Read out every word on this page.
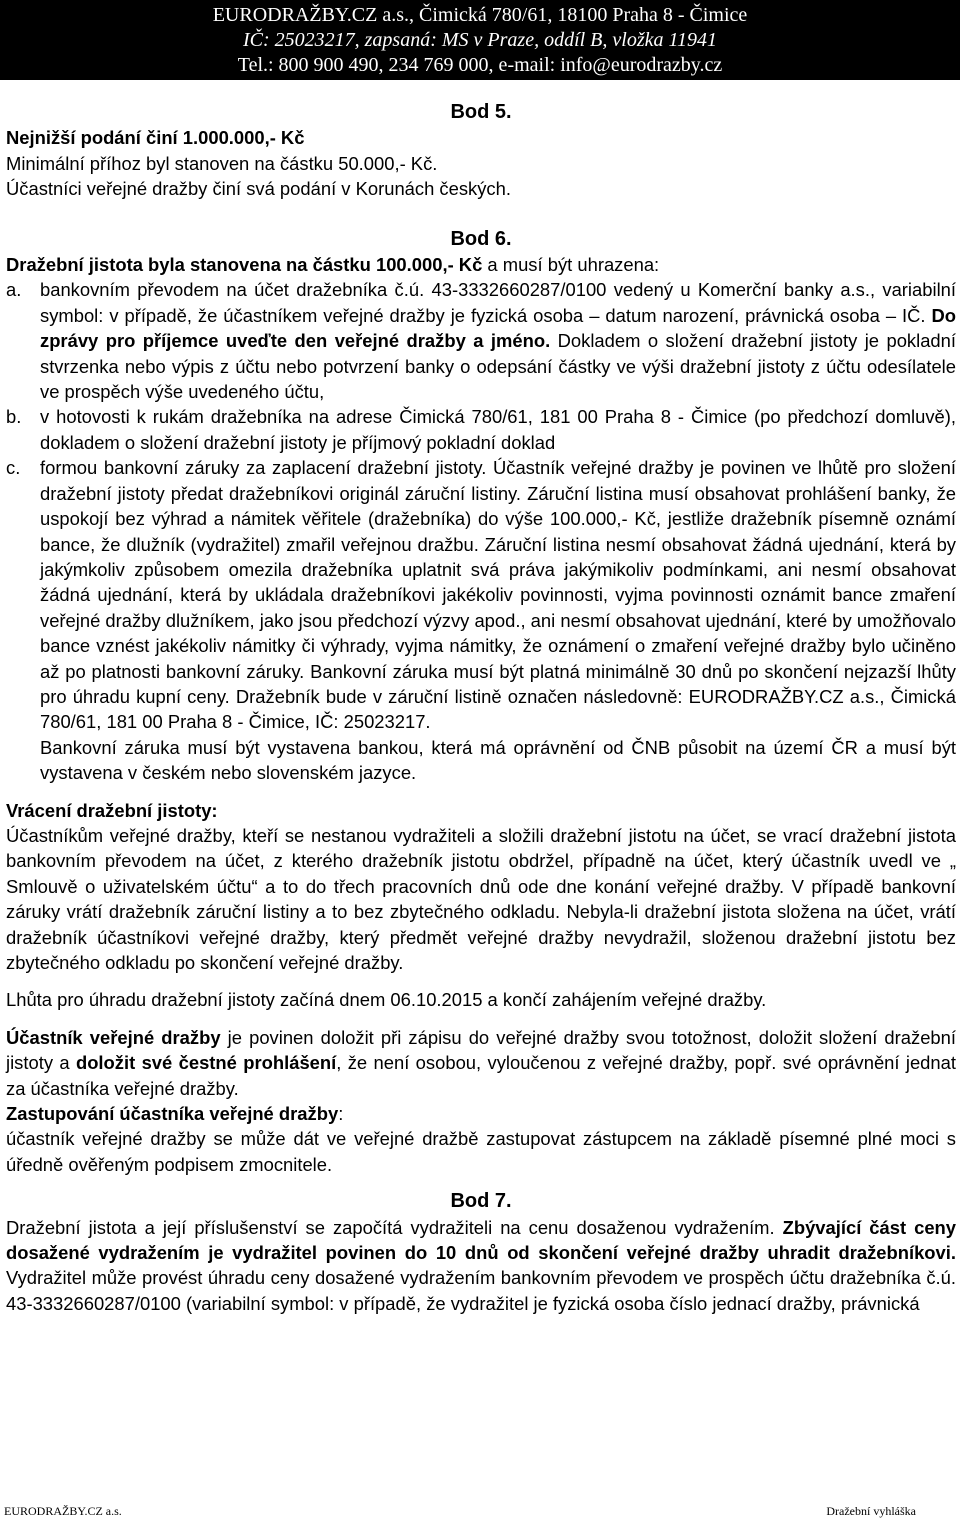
EURODRAŽBY.CZ a.s., Čimická 780/61, 18100 Praha 8 - Čimice
IČ: 25023217, zapsaná: MS v Praze, oddíl B, vložka 11941
Tel.: 800 900 490, 234 769 000, e-mail: info@eurodrazby.cz

Bod 5.

Nejnižší podání činí 1.000.000,- Kč

Minimální příhoz byl stanoven na částku 50.000,- Kč.

Účastníci veřejné dražby činí svá podání v Korunách českých.

Bod 6.

Dražební jistota byla stanovena na částku 100.000,- Kč a musí být uhrazena:

a. bankovním převodem na účet dražebníka č.ú. 43-3332660287/0100 vedený u Komerční banky a.s., variabilní symbol: v případě, že účastníkem veřejné dražby je fyzická osoba – datum narození, právnická osoba – IČ. Do zprávy pro příjemce uveďte den veřejné dražby a jméno. Dokladem o složení dražební jistoty je pokladní stvrzenka nebo výpis z účtu nebo potvrzení banky o odepsání částky ve výši dražební jistoty z účtu odesílatele ve prospěch výše uvedeného účtu,
b. v hotovosti k rukám dražebníka na adrese Čimická 780/61, 181 00 Praha 8 - Čimice (po předchozí domluvě), dokladem o složení dražební jistoty je příjmový pokladní doklad
c. formou bankovní záruky za zaplacení dražební jistoty. Účastník veřejné dražby je povinen ve lhůtě pro složení dražební jistoty předat dražebníkovi originál záruční listiny. Záruční listina musí obsahovat prohlášení banky, že uspokojí bez výhrad a námitek věřitele (dražebníka) do výše 100.000,- Kč, jestliže dražebník písemně oznámí bance, že dlužník (vydražitel) zmařil veřejnou dražbu. Záruční listina nesmí obsahovat žádná ujednání, která by jakýmkoliv způsobem omezila dražebníka uplatnit svá práva jakýmikoliv podmínkami, ani nesmí obsahovat žádná ujednání, která by ukládala dražebníkovi jakékoliv povinnosti, vyjma povinnosti oznámit bance zmaření veřejné dražby dlužníkem, jako jsou předchozí výzvy apod., ani nesmí obsahovat ujednání, které by umožňovalo bance vznést jakékoliv námitky či výhrady, vyjma námitky, že oznámení o zmaření veřejné dražby bylo učiněno až po platnosti bankovní záruky. Bankovní záruka musí být platná minimálně 30 dnů po skončení nejzazší lhůty pro úhradu kupní ceny. Dražebník bude v záruční listině označen následovně: EURODRAŽBY.CZ a.s., Čimická 780/61, 181 00 Praha 8 - Čimice, IČ: 25023217.

Bankovní záruka musí být vystavena bankou, která má oprávnění od ČNB působit na území ČR a musí být vystavena v českém nebo slovenském jazyce.

Vrácení dražební jistoty:

Účastníkům veřejné dražby, kteří se nestanou vydražiteli a složili dražební jistotu na účet, se vrací dražební jistota bankovním převodem na účet, z kterého dražebník jistotu obdržel, případně na účet, který účastník uvedl ve „ Smlouvě o uživatelském účtu“ a to do třech pracovních dnů ode dne konání veřejné dražby. V případě bankovní záruky vrátí dražebník záruční listiny a to bez zbytečného odkladu. Nebyla-li dražební jistota složena na účet, vrátí dražebník účastníkovi veřejné dražby, který předmět veřejné dražby nevydražil, složenou dražební jistotu bez zbytečného odkladu po skončení veřejné dražby.

Lhůta pro úhradu dražební jistoty začíná dnem 06.10.2015 a končí zahájením veřejné dražby.

Účastník veřejné dražby je povinen doložit při zápisu do veřejné dražby svou totožnost, doložit složení dražební jistoty a doložit své čestné prohlášení, že není osobou, vyloučenou z veřejné dražby, popř. své oprávnění jednat za účastníka veřejné dražby.

Zastupování účastníka veřejné dražby:

účastník veřejné dražby se může dát ve veřejné dražbě zastupovat zástupcem na základě písemné plné moci s úředně ověřeným podpisem zmocnitele.

Bod 7.

Dražební jistota a její příslušenství se započítá vydražiteli na cenu dosaženou vydražením. Zbývající část ceny dosažené vydražením je vydražitel povinen do 10 dnů od skončení veřejné dražby uhradit dražebníkovi. Vydražitel může provést úhradu ceny dosažené vydražením bankovním převodem ve prospěch účtu dražebníka č.ú. 43-3332660287/0100 (variabilní symbol: v případě, že vydražitel je fyzická osoba číslo jednací dražby, právnická

EURODRAŽBY.CZ a.s.	Dražební vyhláška
